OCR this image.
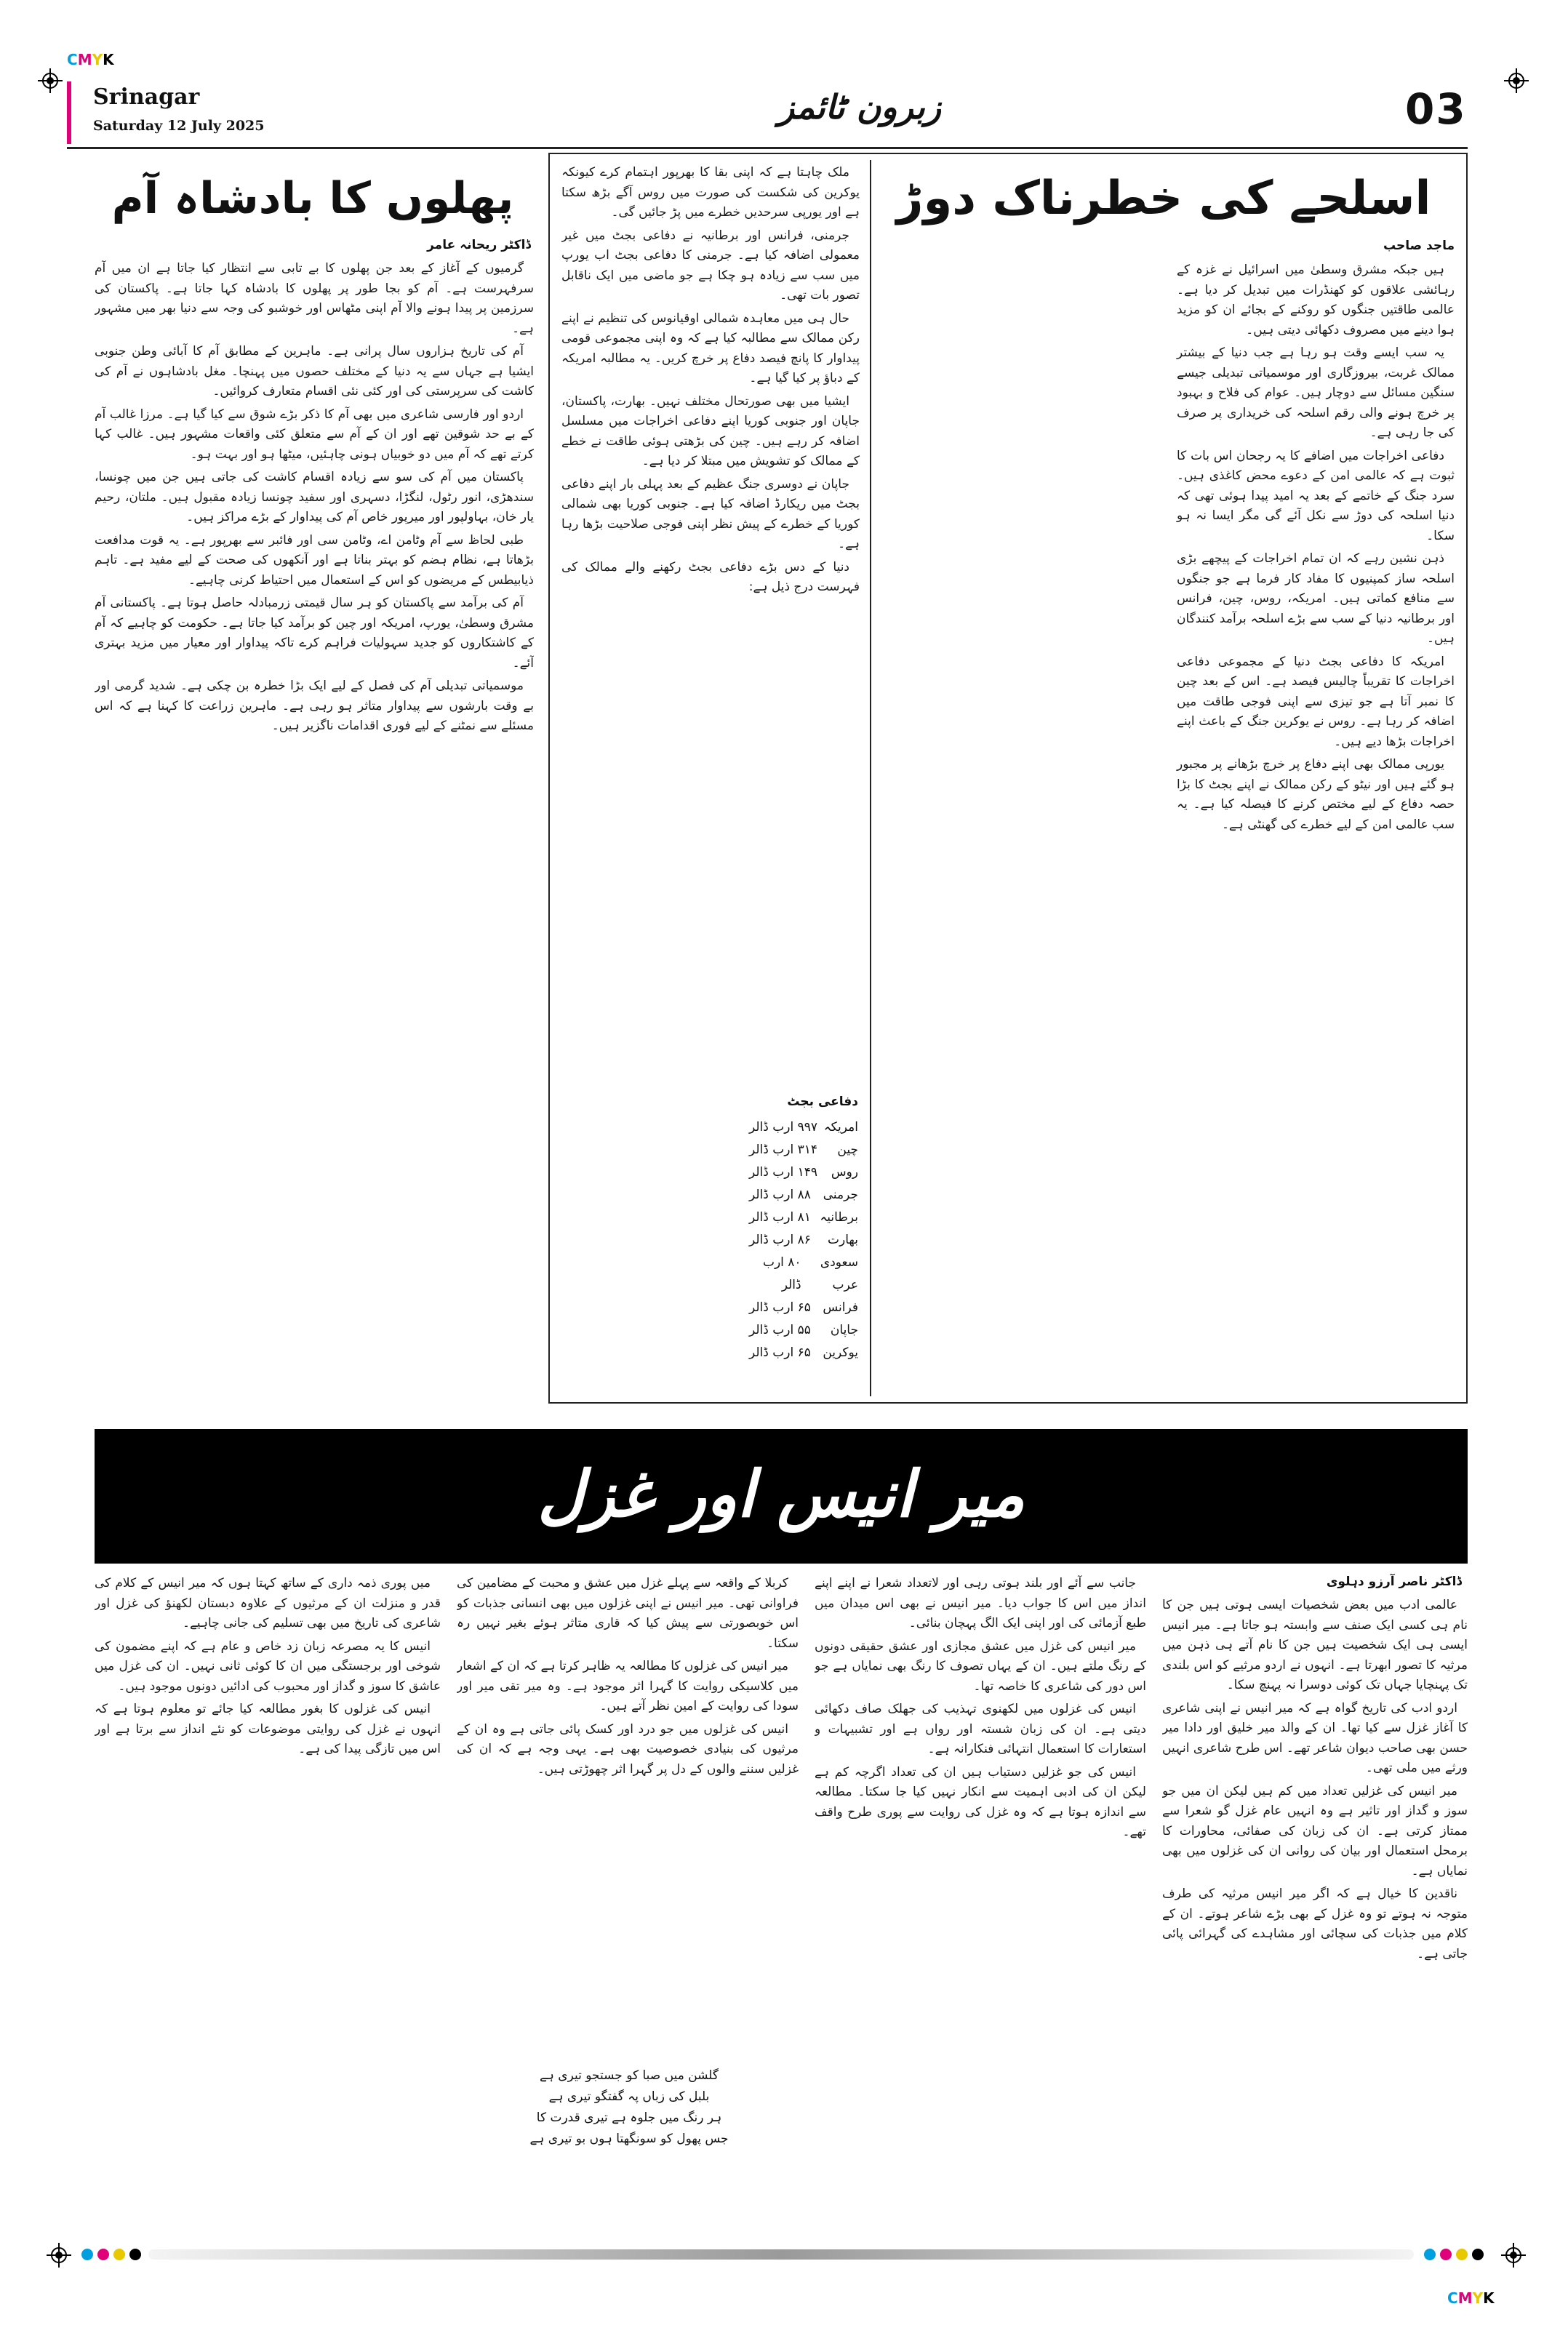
CMYK
Srinagar
Saturday 12 July 2025	زبرون ٹائمز	03
اسلحے کی خطرناک دوڑ
ماجد صاحب

ہیں جبکہ مشرق وسطیٰ میں اسرائیل نے غزہ کے رہائشی علاقوں کو کھنڈرات میں تبدیل کر دیا ہے۔ عالمی طاقتیں جنگوں کو روکنے کے بجائے ان کو مزید ہوا دینے میں مصروف دکھائی دیتی ہیں۔

یہ سب ایسے وقت ہو رہا ہے جب دنیا کے بیشتر ممالک غربت، بیروزگاری اور موسمیاتی تبدیلی جیسے سنگین مسائل سے دوچار ہیں۔ عوام کی فلاح و بہبود پر خرچ ہونے والی رقم اسلحہ کی خریداری پر صرف کی جا رہی ہے۔

دفاعی اخراجات میں اضافے کا یہ رجحان اس بات کا ثبوت ہے کہ عالمی امن کے دعوے محض کاغذی ہیں۔ سرد جنگ کے خاتمے کے بعد یہ امید پیدا ہوئی تھی کہ دنیا اسلحہ کی دوڑ سے نکل آئے گی مگر ایسا نہ ہو سکا۔

ذہن نشین رہے کہ ان تمام اخراجات کے پیچھے بڑی اسلحہ ساز کمپنیوں کا مفاد کار فرما ہے جو جنگوں سے منافع کماتی ہیں۔ امریکہ، روس، چین، فرانس اور برطانیہ دنیا کے سب سے بڑے اسلحہ برآمد کنندگان ہیں۔

امریکہ کا دفاعی بجٹ دنیا کے مجموعی دفاعی اخراجات کا تقریباً چالیس فیصد ہے۔ اس کے بعد چین کا نمبر آتا ہے جو تیزی سے اپنی فوجی طاقت میں اضافہ کر رہا ہے۔ روس نے یوکرین جنگ کے باعث اپنے اخراجات بڑھا دیے ہیں۔

یورپی ممالک بھی اپنے دفاع پر خرچ بڑھانے پر مجبور ہو گئے ہیں اور نیٹو کے رکن ممالک نے اپنے بجٹ کا بڑا حصہ دفاع کے لیے مختص کرنے کا فیصلہ کیا ہے۔ یہ سب عالمی امن کے لیے خطرے کی گھنٹی ہے۔

ملک چاہتا ہے کہ اپنی بقا کا بھرپور اہتمام کرے کیونکہ یوکرین کی شکست کی صورت میں روس آگے بڑھ سکتا ہے اور یورپی سرحدیں خطرے میں پڑ جائیں گی۔

جرمنی، فرانس اور برطانیہ نے دفاعی بجٹ میں غیر معمولی اضافہ کیا ہے۔ جرمنی کا دفاعی بجٹ اب یورپ میں سب سے زیادہ ہو چکا ہے جو ماضی میں ایک ناقابل تصور بات تھی۔

حال ہی میں معاہدہ شمالی اوقیانوس کی تنظیم نے اپنے رکن ممالک سے مطالبہ کیا ہے کہ وہ اپنی مجموعی قومی پیداوار کا پانچ فیصد دفاع پر خرچ کریں۔ یہ مطالبہ امریکہ کے دباؤ پر کیا گیا ہے۔

ایشیا میں بھی صورتحال مختلف نہیں۔ بھارت، پاکستان، جاپان اور جنوبی کوریا اپنے دفاعی اخراجات میں مسلسل اضافہ کر رہے ہیں۔ چین کی بڑھتی ہوئی طاقت نے خطے کے ممالک کو تشویش میں مبتلا کر دیا ہے۔

جاپان نے دوسری جنگ عظیم کے بعد پہلی بار اپنے دفاعی بجٹ میں ریکارڈ اضافہ کیا ہے۔ جنوبی کوریا بھی شمالی کوریا کے خطرے کے پیش نظر اپنی فوجی صلاحیت بڑھا رہا ہے۔

دنیا کے دس بڑے دفاعی بجٹ رکھنے والے ممالک کی فہرست درج ذیل ہے:

دفاعی بجٹ
امریکہ
۹۹۷ ارب ڈالر
چین
۳۱۴ ارب ڈالر
روس
۱۴۹ ارب ڈالر
جرمنی
۸۸ ارب ڈالر
برطانیہ
۸۱ ارب ڈالر
بھارت
۸۶ ارب ڈالر
سعودی عرب
۸۰ ارب ڈالر
فرانس
۶۵ ارب ڈالر
جاپان
۵۵ ارب ڈالر
یوکرین
۶۵ ارب ڈالر
پھلوں کا بادشاہ آم
ڈاکٹر ریحانہ عامر

گرمیوں کے آغاز کے بعد جن پھلوں کا بے تابی سے انتظار کیا جاتا ہے ان میں آم سرفہرست ہے۔ آم کو بجا طور پر پھلوں کا بادشاہ کہا جاتا ہے۔ پاکستان کی سرزمین پر پیدا ہونے والا آم اپنی مٹھاس اور خوشبو کی وجہ سے دنیا بھر میں مشہور ہے۔

آم کی تاریخ ہزاروں سال پرانی ہے۔ ماہرین کے مطابق آم کا آبائی وطن جنوبی ایشیا ہے جہاں سے یہ دنیا کے مختلف حصوں میں پہنچا۔ مغل بادشاہوں نے آم کی کاشت کی سرپرستی کی اور کئی نئی اقسام متعارف کروائیں۔

اردو اور فارسی شاعری میں بھی آم کا ذکر بڑے شوق سے کیا گیا ہے۔ مرزا غالب آم کے بے حد شوقین تھے اور ان کے آم سے متعلق کئی واقعات مشہور ہیں۔ غالب کہا کرتے تھے کہ آم میں دو خوبیاں ہونی چاہئیں، میٹھا ہو اور بہت ہو۔

پاکستان میں آم کی سو سے زیادہ اقسام کاشت کی جاتی ہیں جن میں چونسا، سندھڑی، انور رٹول، لنگڑا، دسہری اور سفید چونسا زیادہ مقبول ہیں۔ ملتان، رحیم یار خان، بہاولپور اور میرپور خاص آم کی پیداوار کے بڑے مراکز ہیں۔

طبی لحاظ سے آم وٹامن اے، وٹامن سی اور فائبر سے بھرپور ہے۔ یہ قوت مدافعت بڑھاتا ہے، نظام ہضم کو بہتر بناتا ہے اور آنکھوں کی صحت کے لیے مفید ہے۔ تاہم ذیابیطس کے مریضوں کو اس کے استعمال میں احتیاط کرنی چاہیے۔

آم کی برآمد سے پاکستان کو ہر سال قیمتی زرمبادلہ حاصل ہوتا ہے۔ پاکستانی آم مشرق وسطیٰ، یورپ، امریکہ اور چین کو برآمد کیا جاتا ہے۔ حکومت کو چاہیے کہ آم کے کاشتکاروں کو جدید سہولیات فراہم کرے تاکہ پیداوار اور معیار میں مزید بہتری آئے۔

موسمیاتی تبدیلی آم کی فصل کے لیے ایک بڑا خطرہ بن چکی ہے۔ شدید گرمی اور بے وقت بارشوں سے پیداوار متاثر ہو رہی ہے۔ ماہرین زراعت کا کہنا ہے کہ اس مسئلے سے نمٹنے کے لیے فوری اقدامات ناگزیر ہیں۔

میر انیس اور غزل
ڈاکٹر ناصر آرزو دہلوی

عالمی ادب میں بعض شخصیات ایسی ہوتی ہیں جن کا نام ہی کسی ایک صنف سے وابستہ ہو جاتا ہے۔ میر انیس ایسی ہی ایک شخصیت ہیں جن کا نام آتے ہی ذہن میں مرثیہ کا تصور ابھرتا ہے۔ انہوں نے اردو مرثیے کو اس بلندی تک پہنچایا جہاں تک کوئی دوسرا نہ پہنچ سکا۔

اردو ادب کی تاریخ گواہ ہے کہ میر انیس نے اپنی شاعری کا آغاز غزل سے کیا تھا۔ ان کے والد میر خلیق اور دادا میر حسن بھی صاحب دیوان شاعر تھے۔ اس طرح شاعری انہیں ورثے میں ملی تھی۔

میر انیس کی غزلیں تعداد میں کم ہیں لیکن ان میں جو سوز و گداز اور تاثیر ہے وہ انہیں عام غزل گو شعرا سے ممتاز کرتی ہے۔ ان کی زبان کی صفائی، محاورات کا برمحل استعمال اور بیان کی روانی ان کی غزلوں میں بھی نمایاں ہے۔

ناقدین کا خیال ہے کہ اگر میر انیس مرثیہ کی طرف متوجہ نہ ہوتے تو وہ غزل کے بھی بڑے شاعر ہوتے۔ ان کے کلام میں جذبات کی سچائی اور مشاہدے کی گہرائی پائی جاتی ہے۔

جانب سے آئے اور بلند ہوتی رہی اور لاتعداد شعرا نے اپنے اپنے انداز میں اس کا جواب دیا۔ میر انیس نے بھی اس میدان میں طبع آزمائی کی اور اپنی ایک الگ پہچان بنائی۔

میر انیس کی غزل میں عشق مجازی اور عشق حقیقی دونوں کے رنگ ملتے ہیں۔ ان کے یہاں تصوف کا رنگ بھی نمایاں ہے جو اس دور کی شاعری کا خاصہ تھا۔

انیس کی غزلوں میں لکھنوی تہذیب کی جھلک صاف دکھائی دیتی ہے۔ ان کی زبان شستہ اور رواں ہے اور تشبیہات و استعارات کا استعمال انتہائی فنکارانہ ہے۔

انیس کی جو غزلیں دستیاب ہیں ان کی تعداد اگرچہ کم ہے لیکن ان کی ادبی اہمیت سے انکار نہیں کیا جا سکتا۔ مطالعہ سے اندازہ ہوتا ہے کہ وہ غزل کی روایت سے پوری طرح واقف تھے۔

کربلا کے واقعہ سے پہلے غزل میں عشق و محبت کے مضامین کی فراوانی تھی۔ میر انیس نے اپنی غزلوں میں بھی انسانی جذبات کو اس خوبصورتی سے پیش کیا کہ قاری متاثر ہوئے بغیر نہیں رہ سکتا۔

میر انیس کی غزلوں کا مطالعہ یہ ظاہر کرتا ہے کہ ان کے اشعار میں کلاسیکی روایت کا گہرا اثر موجود ہے۔ وہ میر تقی میر اور سودا کی روایت کے امین نظر آتے ہیں۔

انیس کی غزلوں میں جو درد اور کسک پائی جاتی ہے وہ ان کے مرثیوں کی بنیادی خصوصیت بھی ہے۔ یہی وجہ ہے کہ ان کی غزلیں سننے والوں کے دل پر گہرا اثر چھوڑتی ہیں۔

گلشن میں صبا کو جستجو تیری ہے
بلبل کی زباں پہ گفتگو تیری ہے
ہر رنگ میں جلوہ ہے تیری قدرت کا
جس پھول کو سونگھتا ہوں بو تیری ہے

میں پوری ذمہ داری کے ساتھ کہتا ہوں کہ میر انیس کے کلام کی قدر و منزلت ان کے مرثیوں کے علاوہ دبستان لکھنؤ کی غزل اور شاعری کی تاریخ میں بھی تسلیم کی جانی چاہیے۔

انیس کا یہ مصرعہ زبان زد خاص و عام ہے کہ اپنے مضمون کی شوخی اور برجستگی میں ان کا کوئی ثانی نہیں۔ ان کی غزل میں عاشق کا سوز و گداز اور محبوب کی ادائیں دونوں موجود ہیں۔

انیس کی غزلوں کا بغور مطالعہ کیا جائے تو معلوم ہوتا ہے کہ انہوں نے غزل کی روایتی موضوعات کو نئے انداز سے برتا ہے اور اس میں تازگی پیدا کی ہے۔

CMYK
